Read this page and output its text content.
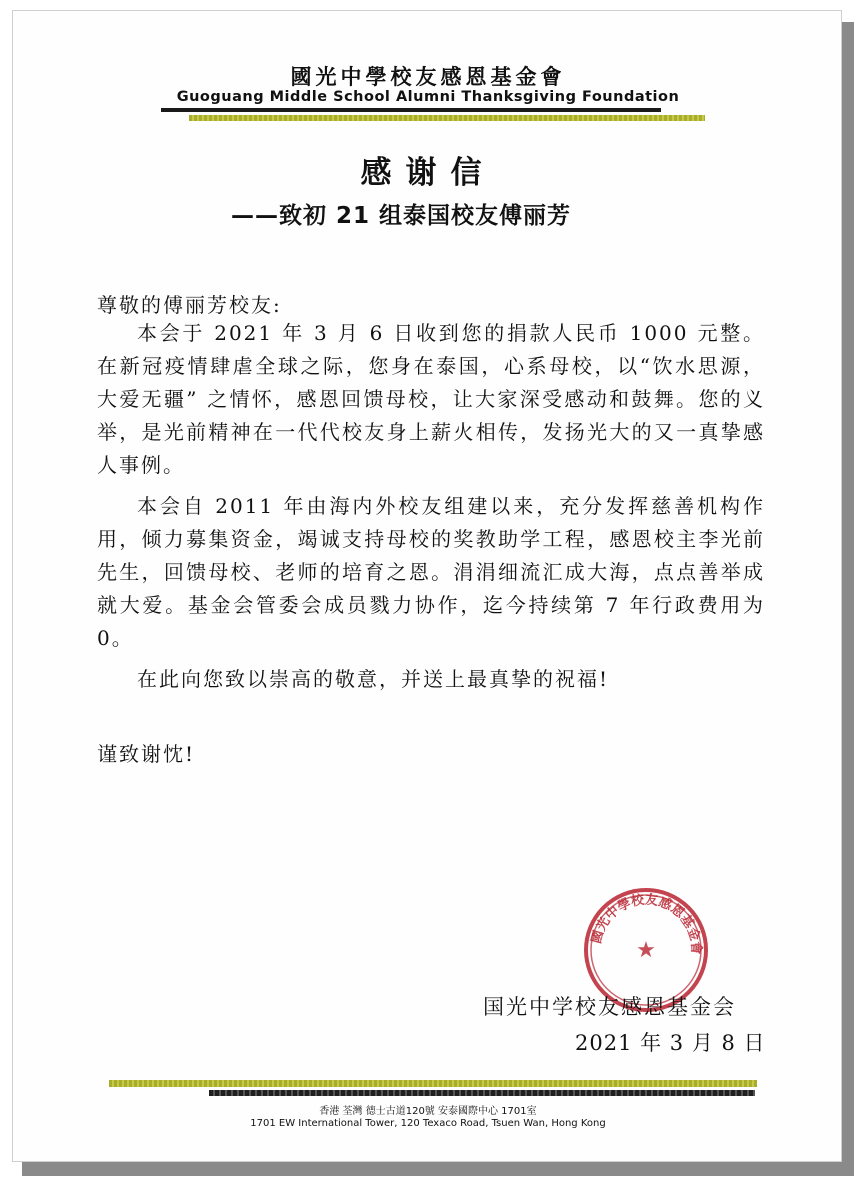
國光中學校友感恩基金會
Guoguang Middle School Alumni Thanksgiving Foundation
感谢信
——致初 21 组泰国校友傅丽芳
尊敬的傅丽芳校友:

本会于 2021 年 3 月 6 日收到您的捐款人民币 1000 元整。在新冠疫情肆虐全球之际，您身在泰国，心系母校，以“饮水思源，大爱无疆” 之情怀，感恩回馈母校，让大家深受感动和鼓舞。您的义举，是光前精神在一代代校友身上薪火相传，发扬光大的又一真挚感人事例。

本会自 2011 年由海内外校友组建以来，充分发挥慈善机构作用，倾力募集资金，竭诚支持母校的奖教助学工程，感恩校主李光前先生，回馈母校、老师的培育之恩。涓涓细流汇成大海，点点善举成就大爱。基金会管委会成员戮力协作，迄今持续第 7 年行政费用为 0。

在此向您致以崇高的敬意，并送上最真挚的祝福!

谨致谢忱!
國光中學校友感恩基金會
★
国光中学校友感恩基金会
2021 年 3 月 8 日
香港 荃灣 德士古道120號 安泰國際中心 1701室
1701 EW International Tower, 120 Texaco Road, Tsuen Wan, Hong Kong
